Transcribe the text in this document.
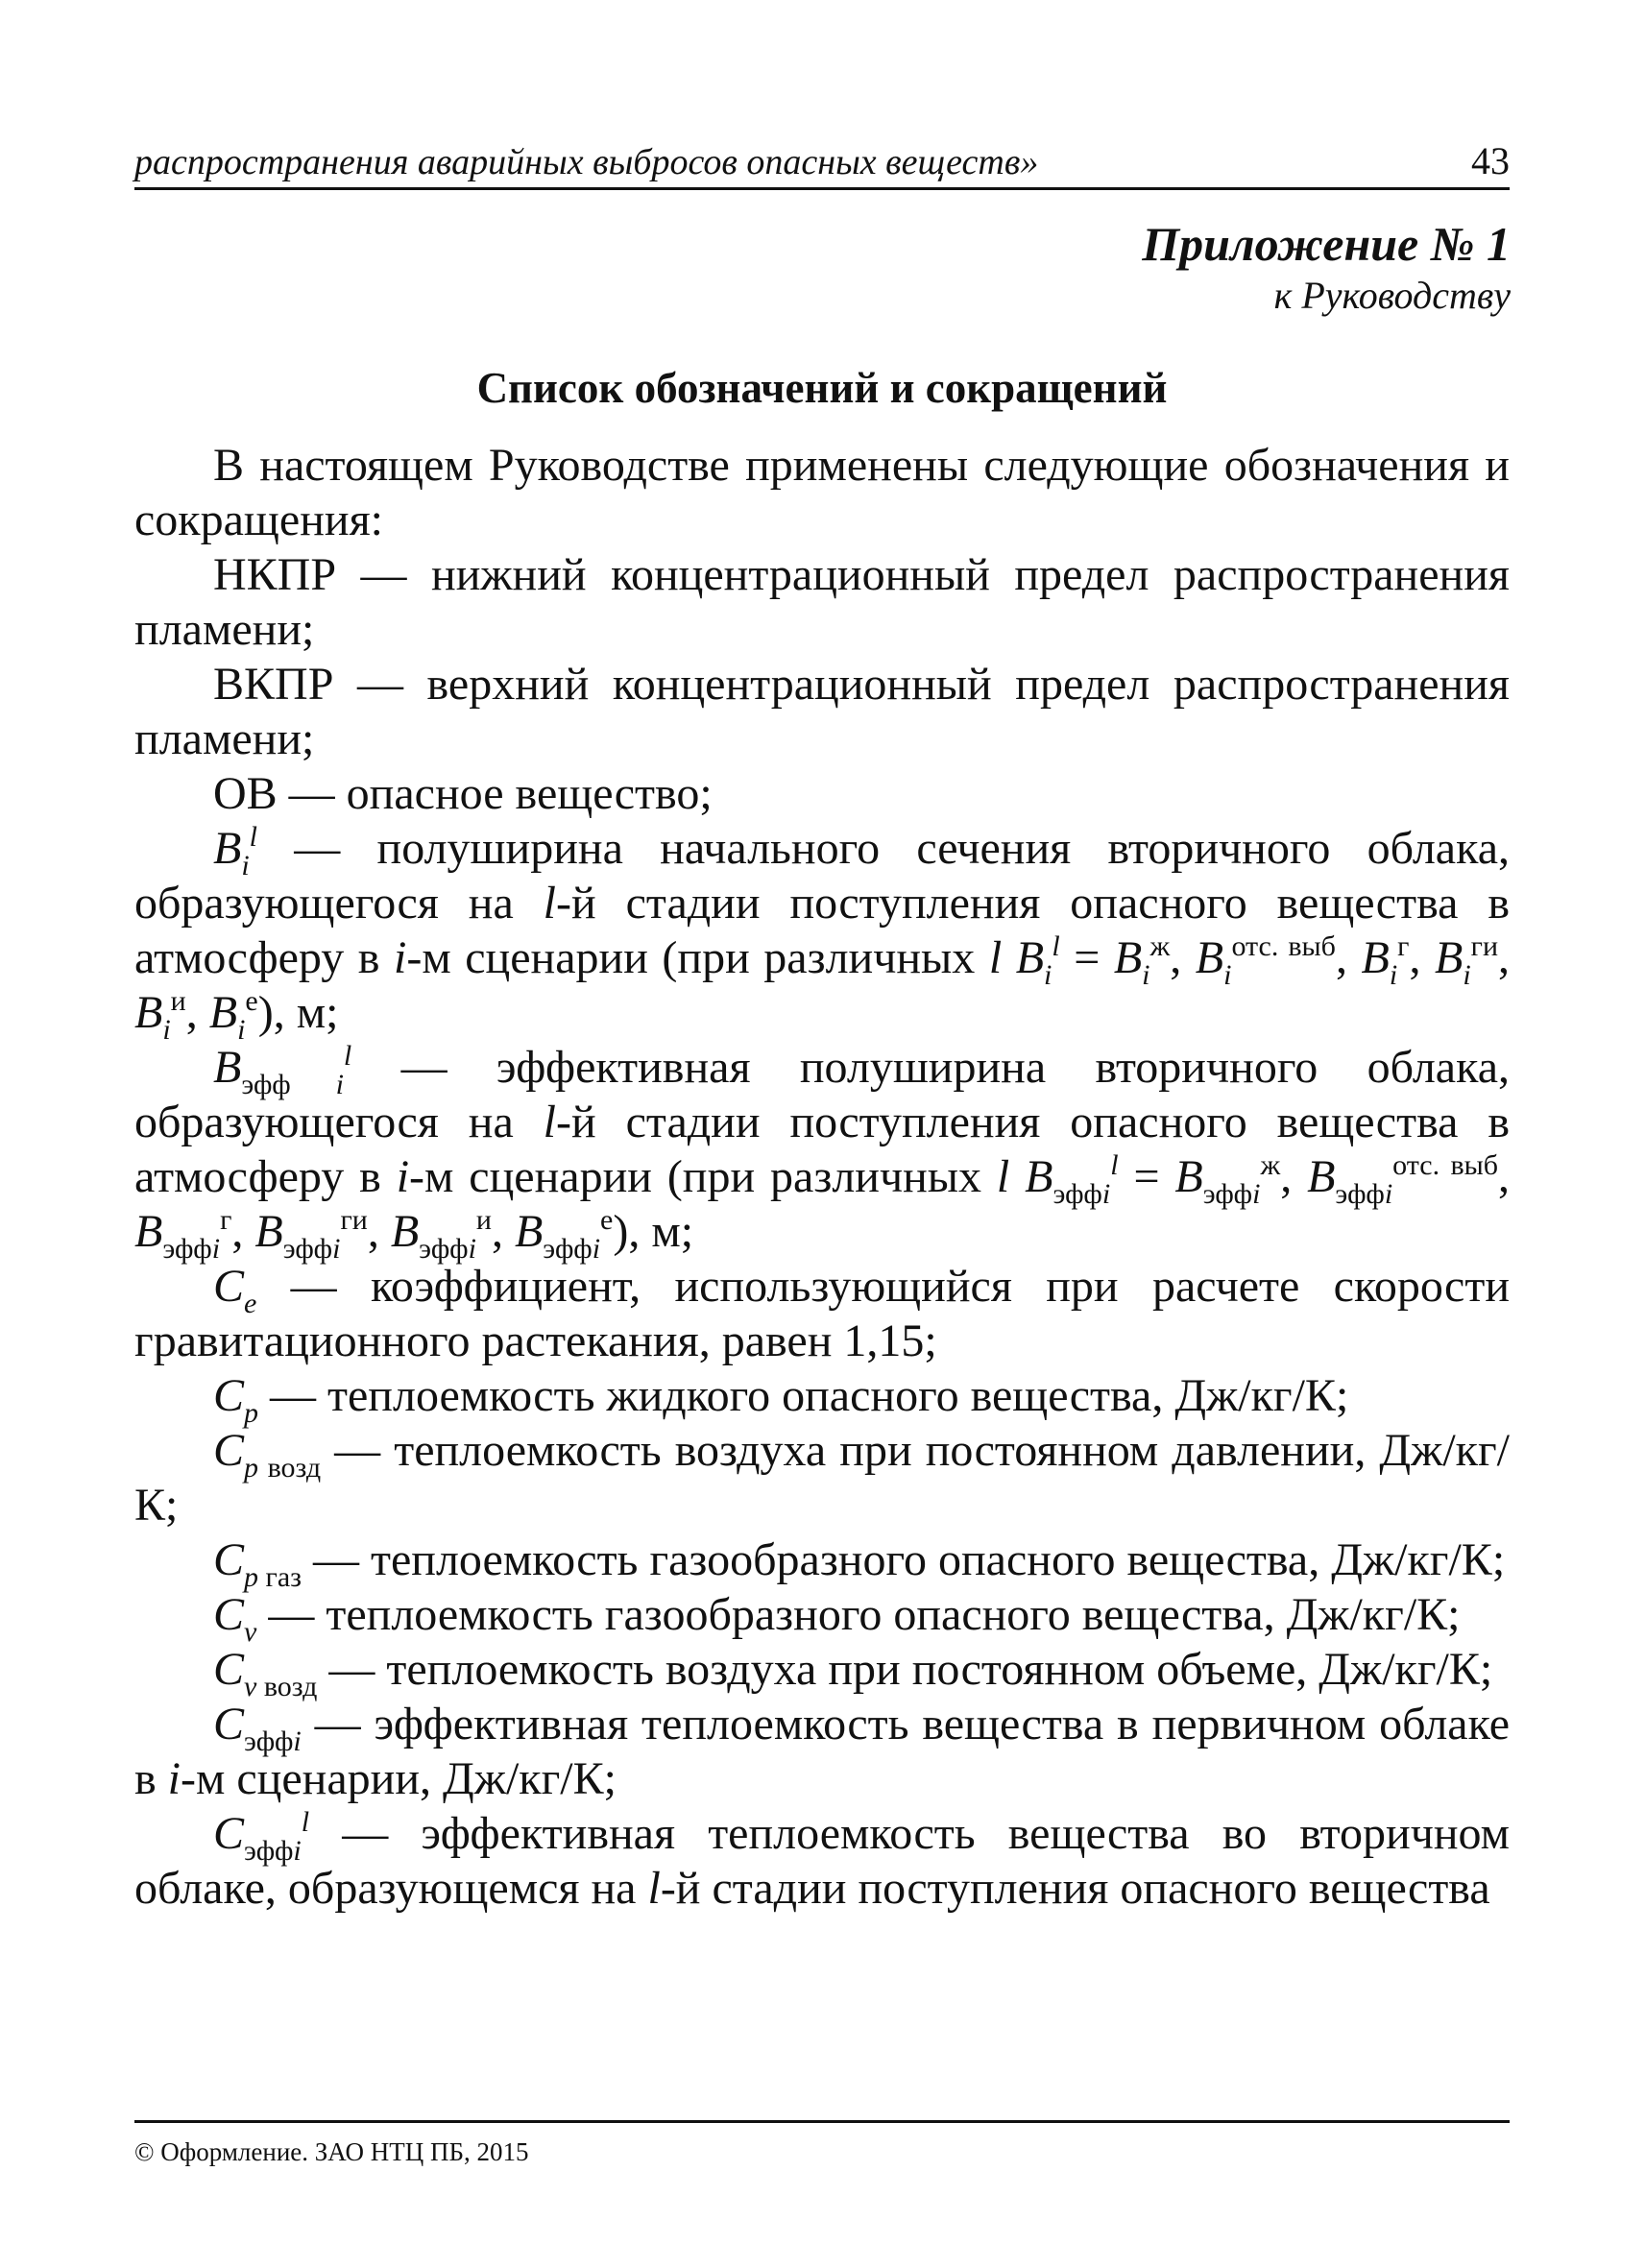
распространения аварийных выбросов опасных веществ»	43
Приложение № 1
к Руководству
Список обозначений и сокращений

В настоящем Руководстве применены следующие обозначения и сокращения:

НКПР — нижний концентрационный предел распространения пламени;

ВКПР — верхний концентрационный предел распространения пламени;

ОВ — опасное вещество;

$B_i^l$ — полуширина начального сечения вторичного облака, образующегося на l-й стадии поступления опасного вещества в атмосферу в i-м сценарии (при различных l $B_i^l = B_i^ж$, $B_i^{отс. выб}$, $B_i^г$, $B_i^{ги}$, $B_i^и$, $B_i^е$), м;

$B_{эфф i}^l$ — эффективная полуширина вторичного облака, образующегося на l-й стадии поступления опасного вещества в атмосферу в i-м сценарии (при различных l $B_{эффi}^l = B_{эффi}^ж$, $B_{эффi}^{отс. выб}$, $B_{эффi}^г$, $B_{эффi}^{ги}$, $B_{эффi}^и$, $B_{эффi}^е$), м;

$C_e$ — коэффициент, использующийся при расчете скорости гравитационного растекания, равен 1,15;

$C_p$ — теплоемкость жидкого опасного вещества, Дж/кг/К;

$C_{p возд}$ — теплоемкость воздуха при постоянном давлении, Дж/кг/К;

$C_{p газ}$ — теплоемкость газообразного опасного вещества, Дж/кг/К;

$C_v$ — теплоемкость газообразного опасного вещества, Дж/кг/К;

$C_{v возд}$ — теплоемкость воздуха при постоянном объеме, Дж/кг/К;

$C_{эффi}$ — эффективная теплоемкость вещества в первичном облаке в i-м сценарии, Дж/кг/К;

$C_{эффi}^l$ — эффективная теплоемкость вещества во вторичном облаке, образующемся на l-й стадии поступления опасного вещества

© Оформление. ЗАО НТЦ ПБ, 2015
